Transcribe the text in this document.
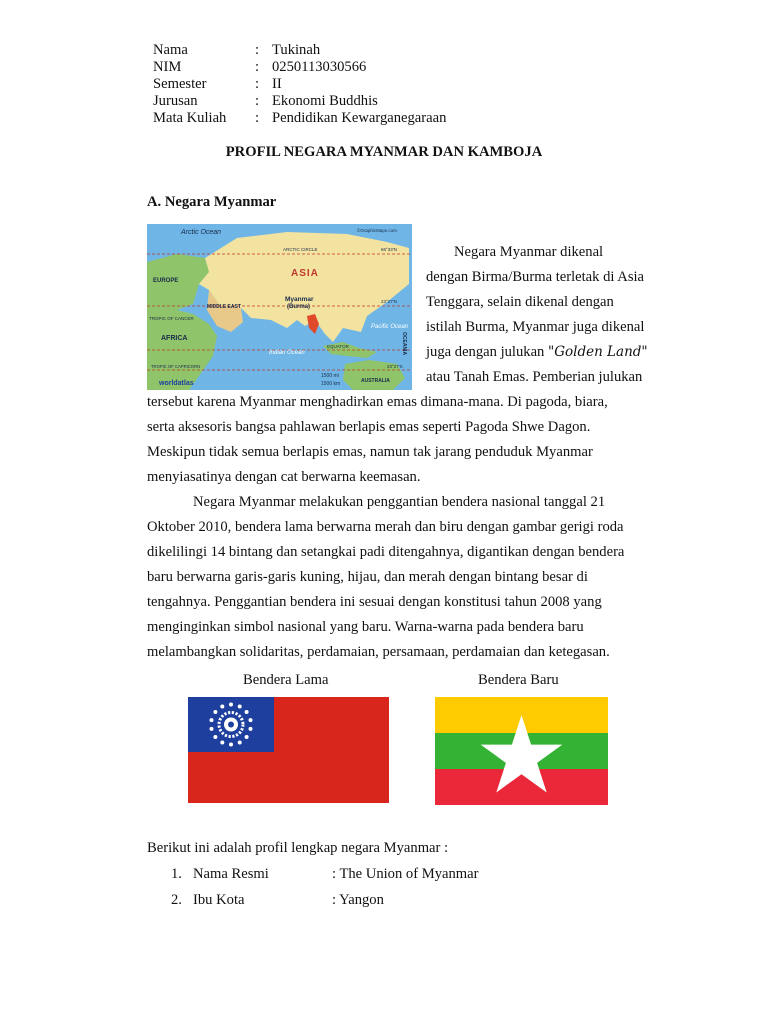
Nama	: Tukinah
NIM	: 0250113030566
Semester	: II
Jurusan	: Ekonomi Buddhis
Mata Kuliah	: Pendidikan Kewarganegaraan
PROFIL NEGARA MYANMAR DAN KAMBOJA
A. Negara Myanmar
Arctic Ocean
ARCTIC CIRCLE	66°33'N
EUROPE
ASIA
Myanmar
(Burma)
TROPIC OF CANCER
23°27'N
MIDDLE EAST
AFRICA
Pacific Ocean
Indian Ocean	OCEANIA
EQUATOR
AUSTRALIA
TROPIC OF CAPRICORN	23°27'S
worldatlas
1500 mi
1500 km
©GraphicMaps.com
Negara Myanmar dikenal
dengan Birma/Burma terletak di Asia
Tenggara, selain dikenal dengan
istilah Burma, Myanmar juga dikenal
juga dengan julukan "Golden Land"
atau Tanah Emas. Pemberian julukan
tersebut karena Myanmar menghadirkan emas dimana-mana. Di pagoda, biara,
serta aksesoris bangsa pahlawan berlapis emas seperti Pagoda Shwe Dagon.
Meskipun tidak semua berlapis emas, namun tak jarang penduduk Myanmar
menyiasatinya dengan cat berwarna keemasan.
Negara Myanmar melakukan penggantian bendera nasional tanggal 21
Oktober 2010, bendera lama berwarna merah dan biru dengan gambar gerigi roda
dikelilingi 14 bintang dan setangkai padi ditengahnya, digantikan dengan bendera
baru berwarna garis-garis kuning, hijau, dan merah dengan bintang besar di
tengahnya. Penggantian bendera ini sesuai dengan konstitusi tahun 2008 yang
menginginkan simbol nasional yang baru. Warna-warna pada bendera baru
melambangkan solidaritas, perdamaian, persamaan, perdamaian dan ketegasan.
Bendera Lama	Bendera Baru
Berikut ini adalah profil lengkap negara Myanmar :
1. Nama Resmi	: The Union of Myanmar
2. Ibu Kota	: Yangon
